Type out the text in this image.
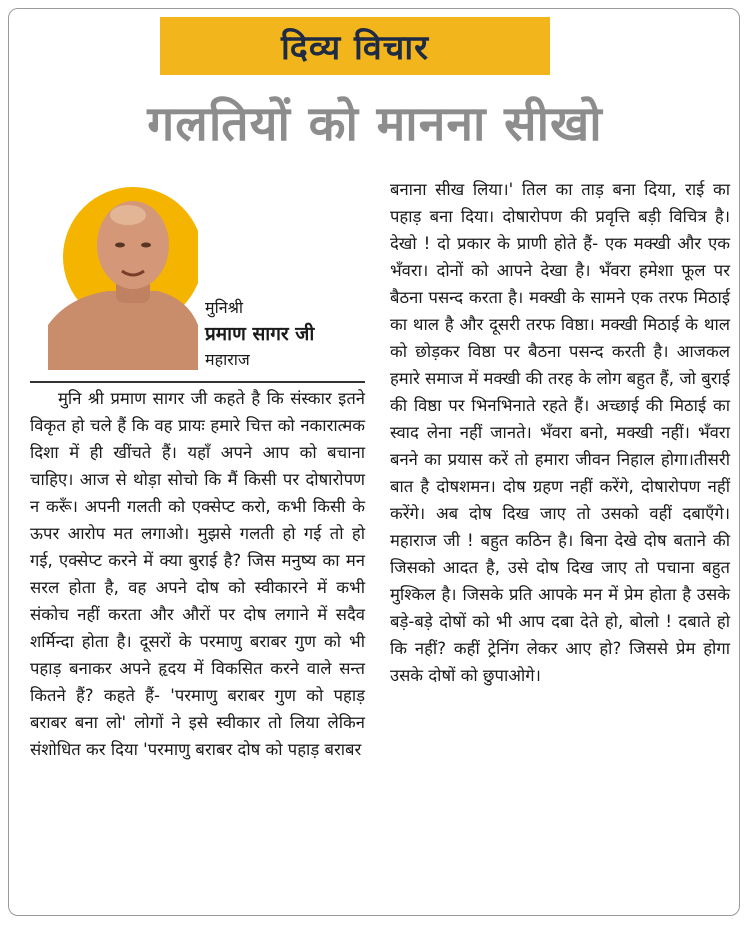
दिव्य विचार
गलतियों को मानना सीखो
मुनिश्री
प्रमाण सागर जी
महाराज

मुनि श्री प्रमाण सागर जी कहते है कि संस्कार इतने विकृत हो चले हैं कि वह प्रायः हमारे चित्त को नकारात्मक दिशा में ही खींचते हैं। यहाँ अपने आप को बचाना चाहिए। आज से थोड़ा सोचो कि मैं किसी पर दोषारोपण न करूँ। अपनी गलती को एक्सेप्ट करो, कभी किसी के ऊपर आरोप मत लगाओ। मुझसे गलती हो गई तो हो गई, एक्सेप्ट करने में क्या बुराई है? जिस मनुष्य का मन सरल होता है, वह अपने दोष को स्वीकारने में कभी संकोच नहीं करता और औरों पर दोष लगाने में सदैव शर्मिन्दा होता है। दूसरों के परमाणु बराबर गुण को भी पहाड़ बनाकर अपने हृदय में विकसित करने वाले सन्त कितने हैं? कहते हैं- 'परमाणु बराबर गुण को पहाड़ बराबर बना लो' लोगों ने इसे स्वीकार तो लिया लेकिन संशोधित कर दिया 'परमाणु बराबर दोष को पहाड़ बराबर

बनाना सीख लिया।' तिल का ताड़ बना दिया, राई का पहाड़ बना दिया। दोषारोपण की प्रवृत्ति बड़ी विचित्र है।देखो ! दो प्रकार के प्राणी होते हैं- एक मक्खी और एक भँवरा। दोनों को आपने देखा है। भँवरा हमेशा फूल पर बैठना पसन्द करता है। मक्खी के सामने एक तरफ मिठाई का थाल है और दूसरी तरफ विष्ठा। मक्खी मिठाई के थाल को छोड़कर विष्ठा पर बैठना पसन्द करती है। आजकल हमारे समाज में मक्खी की तरह के लोग बहुत हैं, जो बुराई की विष्ठा पर भिनभिनाते रहते हैं। अच्छाई की मिठाई का स्वाद लेना नहीं जानते। भँवरा बनो, मक्खी नहीं। भँवरा बनने का प्रयास करें तो हमारा जीवन निहाल होगा।तीसरी बात है दोषशमन। दोष ग्रहण नहीं करेंगे, दोषारोपण नहीं करेंगे। अब दोष दिख जाए तो उसको वहीं दबाएँगे। महाराज जी ! बहुत कठिन है। बिना देखे दोष बताने की जिसको आदत है, उसे दोष दिख जाए तो पचाना बहुत मुश्किल है। जिसके प्रति आपके मन में प्रेम होता है उसके बड़े-बड़े दोषों को भी आप दबा देते हो, बोलो ! दबाते हो कि नहीं? कहीं ट्रेनिंग लेकर आए हो? जिससे प्रेम होगा उसके दोषों को छुपाओगे।
